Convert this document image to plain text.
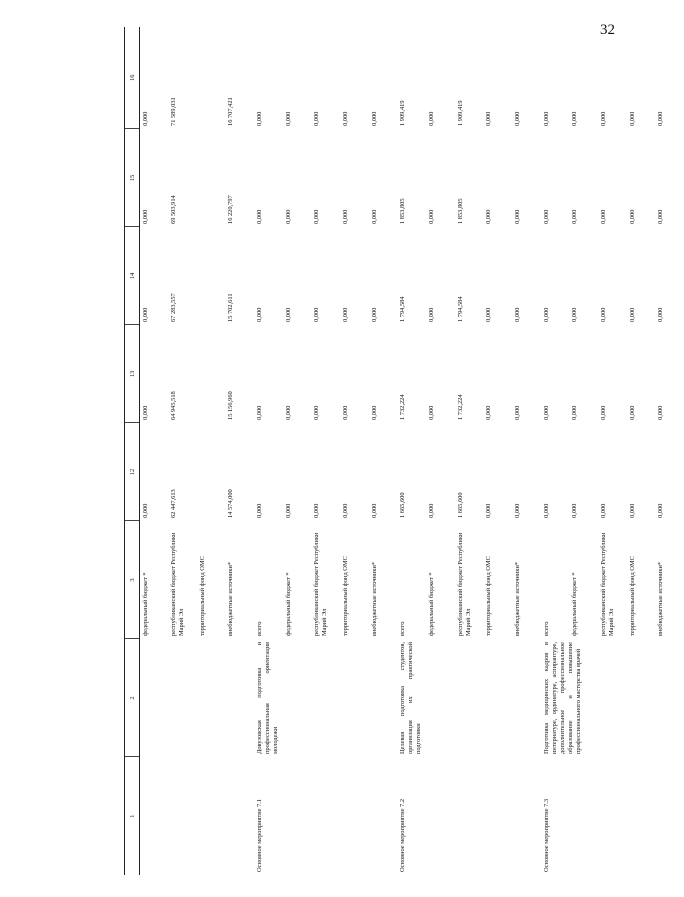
32
1	2	3	12	13	14	15	16
		федеральный бюджет *	0,000	0,000	0,000	0,000	0,000
		республиканский бюджет Республики Марий Эл	62 447,613	64 945,518	67 283,557	69 503,914	71 589,031
		территориальный фонд ОМС					
		внебюджетные источники*	14 574,000	15 156,960	15 702,611	16 220,797	16 707,421
Основное мероприятие 7.1	Довузовская подготовка и профессиональная ориентация молодежи	всего	0,000	0,000	0,000	0,000	0,000
		федеральный бюджет *	0,000	0,000	0,000	0,000	0,000
		республиканский бюджет Республики Марий Эл	0,000	0,000	0,000	0,000	0,000
		территориальный фонд ОМС	0,000	0,000	0,000	0,000	0,000
		внебюджетные источники*	0,000	0,000	0,000	0,000	0,000
Основное мероприятие 7.2	Целевая подготовка студентов, организация их практической подготовки	всего	1 665,600	1 732,224	1 794,584	1 853,805	1 909,419
		федеральный бюджет *	0,000	0,000	0,000	0,000	0,000
		республиканский бюджет Республики Марий Эл	1 665,600	1 732,224	1 794,584	1 853,805	1 909,419
		территориальный фонд ОМС	0,000	0,000	0,000	0,000	0,000
		внебюджетные источники*	0,000	0,000	0,000	0,000	0,000
Основное мероприятие 7.3	Подготовка медицинских кадров в интернатуре, ординатуре, аспирантуре, дополнительное профессиональное образование и повышение профессионального мастерства врачей	всего	0,000	0,000	0,000	0,000	0,000
		федеральный бюджет *	0,000	0,000	0,000	0,000	0,000
		республиканский бюджет Республики Марий Эл	0,000	0,000	0,000	0,000	0,000
		территориальный фонд ОМС	0,000	0,000	0,000	0,000	0,000
		внебюджетные источники*	0,000	0,000	0,000	0,000	0,000
